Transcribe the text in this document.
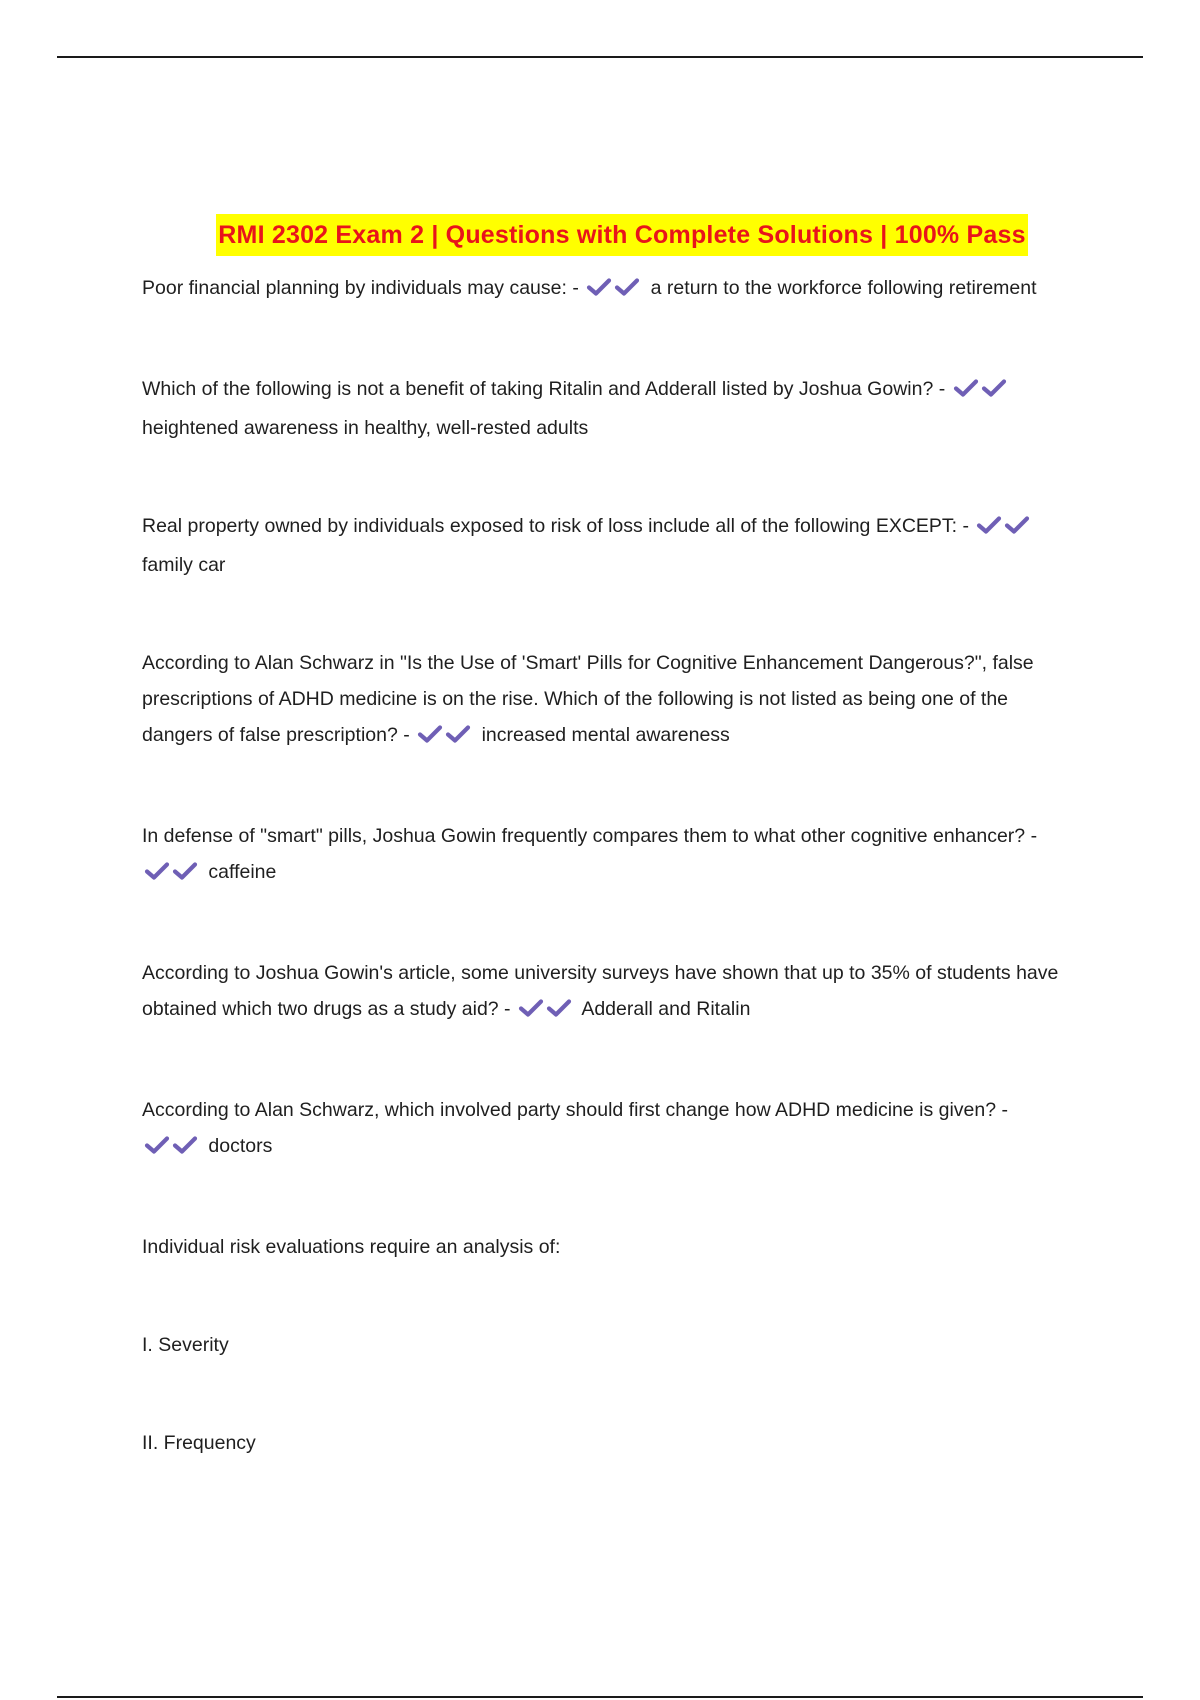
RMI 2302 Exam 2 | Questions with Complete Solutions | 100% Pass

Poor financial planning by individuals may cause: -	a return to the workforce following retirement

Which of the following is not a benefit of taking Ritalin and Adderall listed by Joshua Gowin? -  heightened awareness in healthy, well-rested adults

Real property owned by individuals exposed to risk of loss include all of the following EXCEPT: -  family car

According to Alan Schwarz in "Is the Use of 'Smart' Pills for Cognitive Enhancement Dangerous?", false prescriptions of ADHD medicine is on the rise. Which of the following is not listed as being one of the dangers of false prescription? -	increased mental awareness

In defense of "smart" pills, Joshua Gowin frequently compares them to what other cognitive enhancer? -  caffeine

According to Joshua Gowin's article, some university surveys have shown that up to 35% of students have obtained which two drugs as a study aid? -	Adderall and Ritalin

According to Alan Schwarz, which involved party should first change how ADHD medicine is given? -  doctors

Individual risk evaluations require an analysis of:

I. Severity

II. Frequency
